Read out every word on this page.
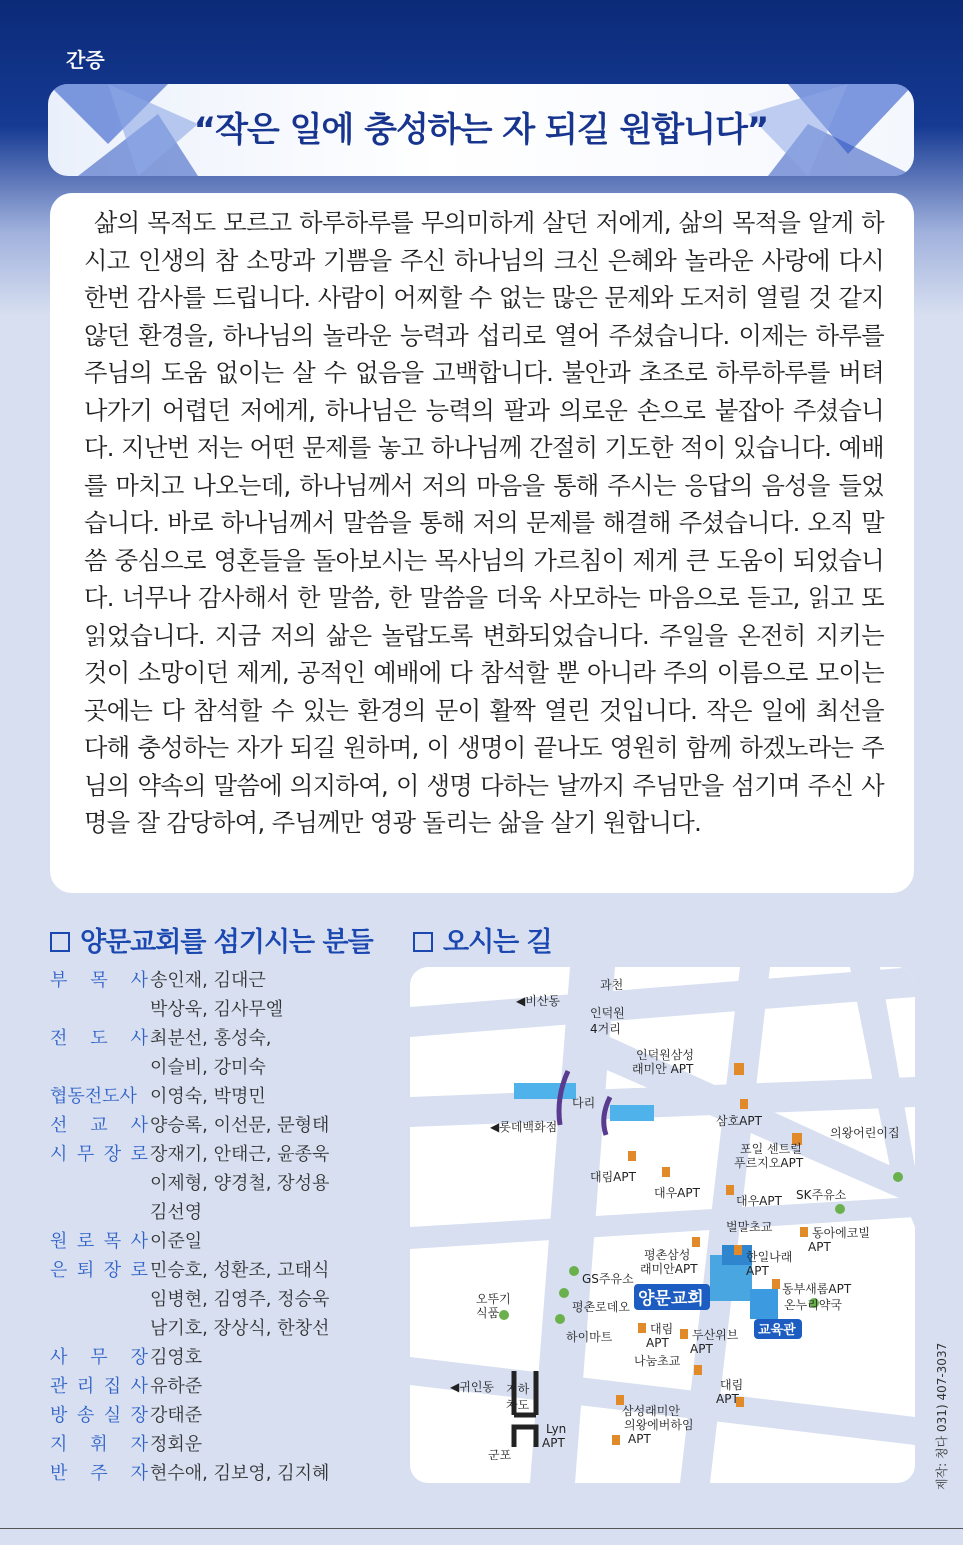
간증
“작은 일에 충성하는 자 되길 원합니다”

삶의 목적도 모르고 하루하루를 무의미하게 살던 저에게, 삶의 목적을 알게 하시고 인생의 참 소망과 기쁨을 주신 하나님의 크신 은혜와 놀라운 사랑에 다시 한번 감사를 드립니다. 사람이 어찌할 수 없는 많은 문제와 도저히 열릴 것 같지 않던 환경을, 하나님의 놀라운 능력과 섭리로 열어 주셨습니다. 이제는 하루를 주님의 도움 없이는 살 수 없음을 고백합니다. 불안과 초조로 하루하루를 버텨나가기 어렵던 저에게, 하나님은 능력의 팔과 의로운 손으로 붙잡아 주셨습니다. 지난번 저는 어떤 문제를 놓고 하나님께 간절히 기도한 적이 있습니다. 예배를 마치고 나오는데, 하나님께서 저의 마음을 통해 주시는 응답의 음성을 들었습니다. 바로 하나님께서 말씀을 통해 저의 문제를 해결해 주셨습니다. 오직 말씀 중심으로 영혼들을 돌아보시는 목사님의 가르침이 제게 큰 도움이 되었습니다. 너무나 감사해서 한 말씀, 한 말씀을 더욱 사모하는 마음으로 듣고, 읽고 또 읽었습니다. 지금 저의 삶은 놀랍도록 변화되었습니다. 주일을 온전히 지키는 것이 소망이던 제게, 공적인 예배에 다 참석할 뿐 아니라 주의 이름으로 모이는 곳에는 다 참석할 수 있는 환경의 문이 활짝 열린 것입니다. 작은 일에 최선을 다해 충성하는 자가 되길 원하며, 이 생명이 끝나도 영원히 함께 하겠노라는 주님의 약속의 말씀에 의지하여, 이 생명 다하는 날까지 주님만을 섬기며 주신 사명을 잘 감당하여, 주님께만 영광 돌리는 삶을 살기 원합니다.

양문교회를 섬기시는 분들	오시는 길
부 목 사 송인재, 김대근
박상욱, 김사무엘
전 도 사 최분선, 홍성숙,
이슬비, 강미숙
협동전도사 이영숙, 박명민
선 교 사 양승록, 이선문, 문형태
시 무 장 로 장재기, 안태근, 윤종욱
이제형, 양경철, 장성용
김선영
원 로 목 사 이준일
은 퇴 장 로 민승호, 성환조, 고태식
임병현, 김영주, 정승욱
남기호, 장상식, 한창선
사 무 장 김영호
관 리 집 사 유하준
방 송 실 장 강태준
지 휘 자 정회운
반 주 자 현수애, 김보영, 김지혜
과천
◀비산동
인덕원
4거리
인덕원삼성
래미안 APT
다리
◀롯데백화점	삼호APT
의왕어린이집
포일 센트럴
푸르지오APT
대림APT
대우APT
대우APT SK주유소
벌말초교	동아에코빌
APT
평촌삼성
래미안APT
한일나래
APT
GS주유소
양문교회	동부새롬APT
온누리약국
오뚜기
식품	평촌로데오
대림
APT
두산위브
APT
교육관
하이마트
나눔초교
◀귀인동 지하
차도
대림
APT
삼성래미안
의왕에버하임
APT
Lyn
APT
군포	제작: 청다 031) 407-3037
